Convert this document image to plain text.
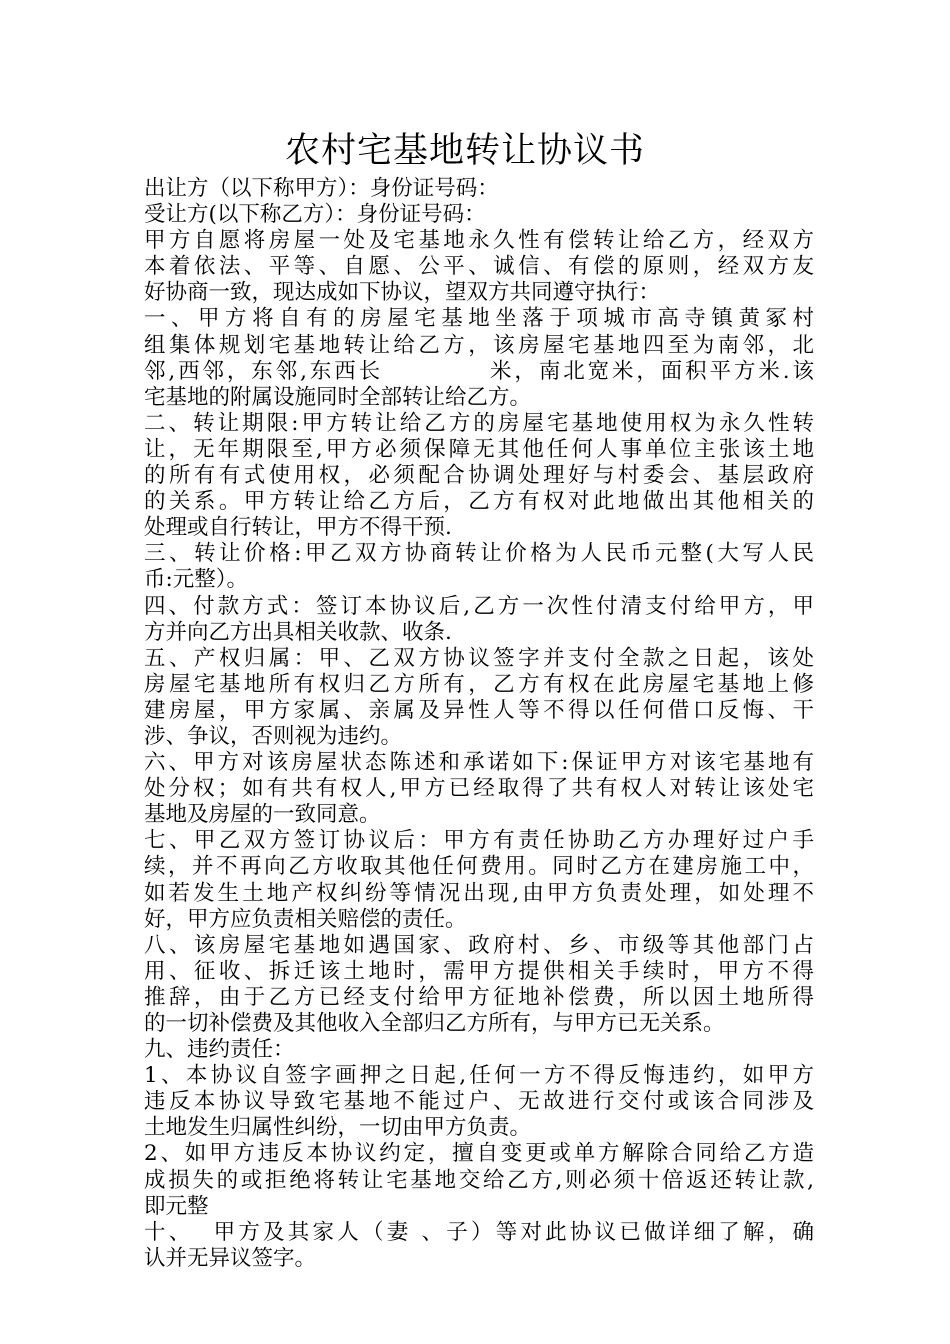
农村宅基地转让协议书
出让方（以下称甲方）：身份证号码：
受让方(以下称乙方）：身份证号码：
甲方自愿将房屋一处及宅基地永久性有偿转让给乙方，经双方
本着依法、平等、自愿、公平、诚信、有偿的原则，经双方友
好协商一致，现达成如下协议，望双方共同遵守执行：
一、甲方将自有的房屋宅基地坐落于项城市高寺镇黄冢村
组集体规划宅基地转让给乙方，该房屋宅基地四至为南邻，北
邻,西邻，东邻,东西长           米，南北宽米，面积平方米.该
宅基地的附属设施同时全部转让给乙方。
二、转让期限:甲方转让给乙方的房屋宅基地使用权为永久性转
让，无年期限至,甲方必须保障无其他任何人事单位主张该土地
的所有有式使用权，必须配合协调处理好与村委会、基层政府
的关系。甲方转让给乙方后，乙方有权对此地做出其他相关的
处理或自行转让，甲方不得干预.
三、转让价格:甲乙双方协商转让价格为人民币元整(大写人民
币:元整）。
四、付款方式：签订本协议后,乙方一次性付清支付给甲方，甲
方并向乙方出具相关收款、收条.
五、产权归属：甲、乙双方协议签字并支付全款之日起，该处
房屋宅基地所有权归乙方所有，乙方有权在此房屋宅基地上修
建房屋，甲方家属、亲属及异性人等不得以任何借口反悔、干
涉、争议，否则视为违约。
六、甲方对该房屋状态陈述和承诺如下:保证甲方对该宅基地有
处分权；如有共有权人,甲方已经取得了共有权人对转让该处宅
基地及房屋的一致同意。
七、甲乙双方签订协议后：甲方有责任协助乙方办理好过户手
续，并不再向乙方收取其他任何费用。同时乙方在建房施工中，
如若发生土地产权纠纷等情况出现,由甲方负责处理，如处理不
好，甲方应负责相关赔偿的责任。
八、该房屋宅基地如遇国家、政府村、乡、市级等其他部门占
用、征收、拆迁该土地时，需甲方提供相关手续时，甲方不得
推辞，由于乙方已经支付给甲方征地补偿费，所以因土地所得
的一切补偿费及其他收入全部归乙方所有，与甲方已无关系。
九、违约责任：
1、本协议自签字画押之日起,任何一方不得反悔违约，如甲方
违反本协议导致宅基地不能过户、无故进行交付或该合同涉及
土地发生归属性纠纷，一切由甲方负责。
2、如甲方违反本协议约定，擅自变更或单方解除合同给乙方造
成损失的或拒绝将转让宅基地交给乙方,则必须十倍返还转让款,
即元整
十、  甲方及其家人（妻 、子）等对此协议已做详细了解，确
认并无异议签字。
